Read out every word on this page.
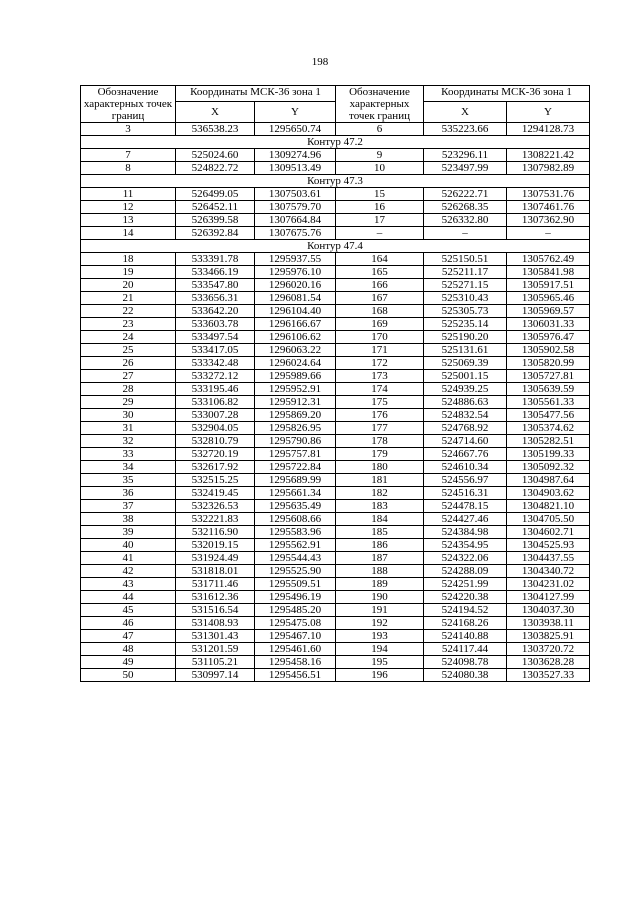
198
Обозначение характерных точек границ	Координаты МСК-36 зона 1		Обозначение характерных точек границ	Координаты МСК-36 зона 1	
	X	Y		X	Y
3	536538.23	1295650.74	6	535223.66	1294128.73
Контур 47.2					
7	525024.60	1309274.96	9	523296.11	1308221.42
8	524822.72	1309513.49	10	523497.99	1307982.89
Контур 47.3					
11	526499.05	1307503.61	15	526222.71	1307531.76
12	526452.11	1307579.70	16	526268.35	1307461.76
13	526399.58	1307664.84	17	526332.80	1307362.90
14	526392.84	1307675.76	–	–	–
Контур 47.4					
18	533391.78	1295937.55	164	525150.51	1305762.49
19	533466.19	1295976.10	165	525211.17	1305841.98
20	533547.80	1296020.16	166	525271.15	1305917.51
21	533656.31	1296081.54	167	525310.43	1305965.46
22	533642.20	1296104.40	168	525305.73	1305969.57
23	533603.78	1296166.67	169	525235.14	1306031.33
24	533497.54	1296106.62	170	525190.20	1305976.47
25	533417.05	1296063.22	171	525131.61	1305902.58
26	533342.48	1296024.64	172	525069.39	1305820.99
27	533272.12	1295989.66	173	525001.15	1305727.81
28	533195.46	1295952.91	174	524939.25	1305639.59
29	533106.82	1295912.31	175	524886.63	1305561.33
30	533007.28	1295869.20	176	524832.54	1305477.56
31	532904.05	1295826.95	177	524768.92	1305374.62
32	532810.79	1295790.86	178	524714.60	1305282.51
33	532720.19	1295757.81	179	524667.76	1305199.33
34	532617.92	1295722.84	180	524610.34	1305092.32
35	532515.25	1295689.99	181	524556.97	1304987.64
36	532419.45	1295661.34	182	524516.31	1304903.62
37	532326.53	1295635.49	183	524478.15	1304821.10
38	532221.83	1295608.66	184	524427.46	1304705.50
39	532116.90	1295583.96	185	524384.98	1304602.71
40	532019.15	1295562.91	186	524354.95	1304525.93
41	531924.49	1295544.43	187	524322.06	1304437.55
42	531818.01	1295525.90	188	524288.09	1304340.72
43	531711.46	1295509.51	189	524251.99	1304231.02
44	531612.36	1295496.19	190	524220.38	1304127.99
45	531516.54	1295485.20	191	524194.52	1304037.30
46	531408.93	1295475.08	192	524168.26	1303938.11
47	531301.43	1295467.10	193	524140.88	1303825.91
48	531201.59	1295461.60	194	524117.44	1303720.72
49	531105.21	1295458.16	195	524098.78	1303628.28
50	530997.14	1295456.51	196	524080.38	1303527.33
